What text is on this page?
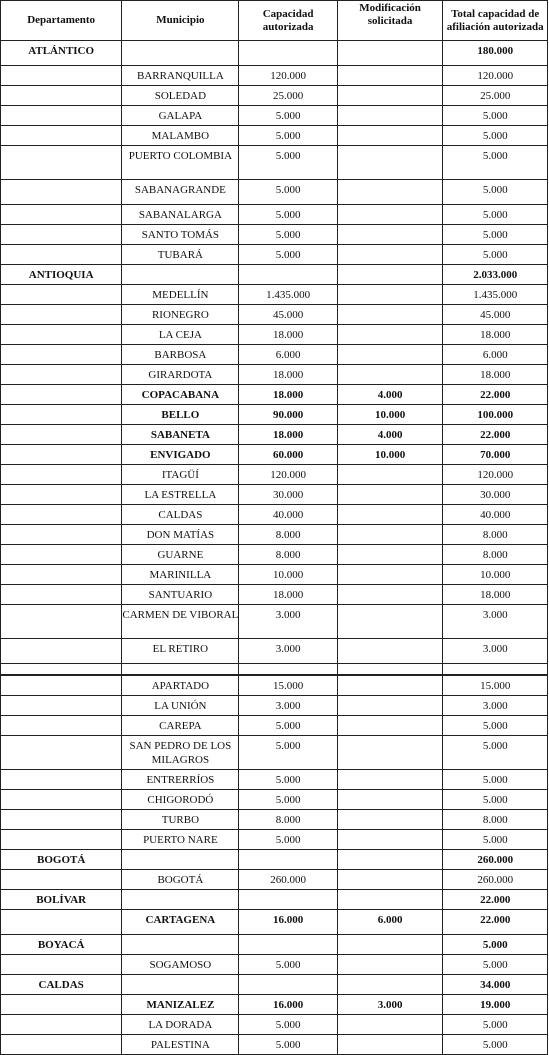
Departamento	Municipio	Capacidad autorizada	Modificación solicitada	Total capacidad de afiliación autorizada
ATLÁNTICO				180.000
	BARRANQUILLA	120.000		120.000
	SOLEDAD	25.000		25.000
	GALAPA	5.000		5.000
	MALAMBO	5.000		5.000
	PUERTO COLOMBIA	5.000		5.000
	SABANAGRANDE	5.000		5.000
	SABANALARGA	5.000		5.000
	SANTO TOMÁS	5.000		5.000
	TUBARÁ	5.000		5.000
ANTIOQUIA				2.033.000
	MEDELLÍN	1.435.000		1.435.000
	RIONEGRO	45.000		45.000
	LA CEJA	18.000		18.000
	BARBOSA	6.000		6.000
	GIRARDOTA	18.000		18.000
	COPACABANA	18.000	4.000	22.000
	BELLO	90.000	10.000	100.000
	SABANETA	18.000	4.000	22.000
	ENVIGADO	60.000	10.000	70.000
	ITAGÜÍ	120.000		120.000
	LA ESTRELLA	30.000		30.000
	CALDAS	40.000		40.000
	DON MATÍAS	8.000		8.000
	GUARNE	8.000		8.000
	MARINILLA	10.000		10.000
	SANTUARIO	18.000		18.000
	CARMEN DE VIBORAL	3.000		3.000
	EL RETIRO	3.000		3.000

	APARTADO	15.000		15.000
	LA UNIÓN	3.000		3.000
	CAREPA	5.000		5.000
	SAN PEDRO DE LOS MILAGROS	5.000		5.000
	ENTRERRÍOS	5.000		5.000
	CHIGORODÓ	5.000		5.000
	TURBO	8.000		8.000
	PUERTO NARE	5.000		5.000
BOGOTÁ				260.000
	BOGOTÁ	260.000		260.000
BOLÍVAR				22.000
	CARTAGENA	16.000	6.000	22.000
BOYACÁ				5.000
	SOGAMOSO	5.000		5.000
CALDAS				34.000
	MANIZALEZ	16.000	3.000	19.000
	LA DORADA	5.000		5.000
	PALESTINA	5.000		5.000
